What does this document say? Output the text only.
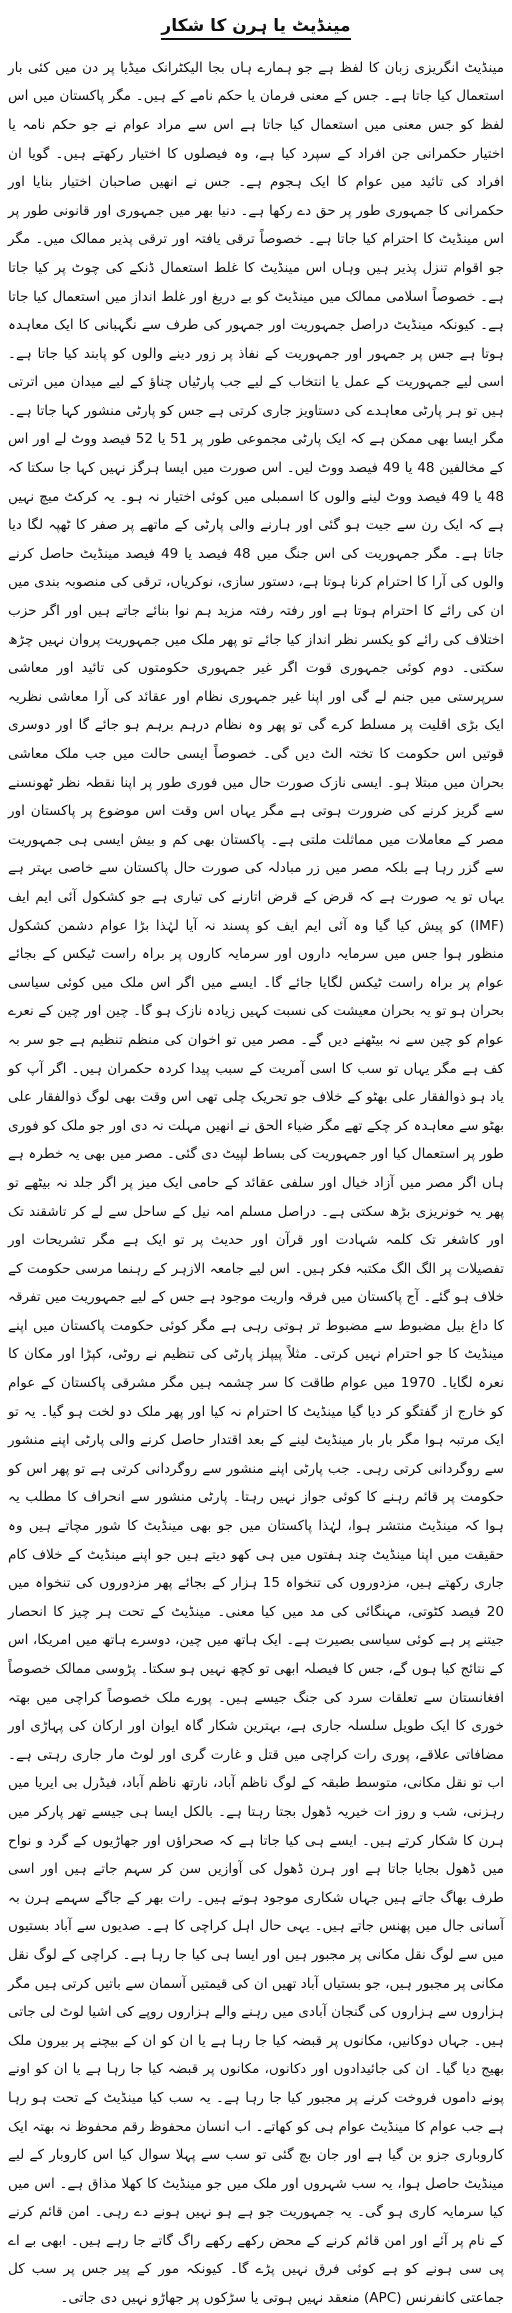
مینڈیٹ یا ہرن کا شکار

مینڈیٹ انگریزی زبان کا لفظ ہے جو ہمارے ہاں بجا الیکٹرانک میڈیا پر دن میں کئی بار استعمال کیا جاتا ہے۔ جس کے معنی فرمان یا حکم نامے کے ہیں۔ مگر پاکستان میں اس لفظ کو جس معنی میں استعمال کیا جاتا ہے اس سے مراد عوام نے جو حکم نامہ یا اختیار حکمرانی جن افراد کے سپرد کیا ہے، وہ فیصلوں کا اختیار رکھتے ہیں۔ گویا ان افراد کی تائید میں عوام کا ایک ہجوم ہے۔ جس نے انھیں صاحبان اختیار بنایا اور حکمرانی کا جمہوری طور پر حق دے رکھا ہے۔ دنیا بھر میں جمہوری اور قانونی طور پر اس مینڈیٹ کا احترام کیا جاتا ہے۔ خصوصاً ترقی یافتہ اور ترقی پذیر ممالک میں۔ مگر جو اقوام تنزل پذیر ہیں وہاں اس مینڈیٹ کا غلط استعمال ڈنکے کی چوٹ پر کیا جاتا ہے۔ خصوصاً اسلامی ممالک میں مینڈیٹ کو بے دریغ اور غلط انداز میں استعمال کیا جاتا ہے۔ کیونکہ مینڈیٹ دراصل جمہوریت اور جمہور کی طرف سے نگہبانی کا ایک معاہدہ ہوتا ہے جس پر جمہور اور جمہوریت کے نفاذ پر زور دینے والوں کو پابند کیا جاتا ہے۔ اسی لیے جمہوریت کے عمل یا انتخاب کے لیے جب پارٹیاں چناؤ کے لیے میدان میں اترتی ہیں تو ہر پارٹی معاہدے کی دستاویز جاری کرتی ہے جس کو پارٹی منشور کہا جاتا ہے۔ مگر ایسا بھی ممکن ہے کہ ایک پارٹی مجموعی طور پر 51 یا 52 فیصد ووٹ لے اور اس کے مخالفین 48 یا 49 فیصد ووٹ لیں۔ اس صورت میں ایسا ہرگز نہیں کہا جا سکتا کہ 48 یا 49 فیصد ووٹ لینے والوں کا اسمبلی میں کوئی اختیار نہ ہو۔ یہ کرکٹ میچ نہیں ہے کہ ایک رن سے جیت ہو گئی اور ہارنے والی پارٹی کے ماتھے پر صفر کا ٹھپہ لگا دیا جاتا ہے۔ مگر جمہوریت کی اس جنگ میں 48 فیصد یا 49 فیصد مینڈیٹ حاصل کرنے والوں کی آرا کا احترام کرنا ہوتا ہے، دستور سازی، نوکریاں، ترقی کی منصوبہ بندی میں ان کی رائے کا احترام ہوتا ہے اور رفتہ رفتہ مزید ہم نوا بنائے جاتے ہیں اور اگر حزب اختلاف کی رائے کو یکسر نظر انداز کیا جائے تو پھر ملک میں جمہوریت پروان نہیں چڑھ سکتی۔ دوم کوئی جمہوری قوت اگر غیر جمہوری حکومتوں کی تائید اور معاشی سرپرستی میں جنم لے گی اور اپنا غیر جمہوری نظام اور عقائد کی آرا معاشی نظریہ ایک بڑی اقلیت پر مسلط کرے گی تو پھر وہ نظام درہم برہم ہو جائے گا اور دوسری قوتیں اس حکومت کا تختہ الٹ دیں گی۔ خصوصاً ایسی حالت میں جب ملک معاشی بحران میں مبتلا ہو۔ ایسی نازک صورت حال میں فوری طور پر اپنا نقطہ نظر ٹھونسنے سے گریز کرنے کی ضرورت ہوتی ہے مگر یہاں اس وقت اس موضوع پر پاکستان اور مصر کے معاملات میں مماثلت ملتی ہے۔ پاکستان بھی کم و بیش ایسی ہی جمہوریت سے گزر رہا ہے بلکہ مصر میں زر مبادلہ کی صورت حال پاکستان سے خاصی بہتر ہے یہاں تو یہ صورت ہے کہ قرض کے قرض اتارنے کی تیاری ہے جو کشکول آئی ایم ایف (IMF) کو پیش کیا گیا وہ آئی ایم ایف کو پسند نہ آیا لہٰذا بڑا عوام دشمن کشکول منظور ہوا جس میں سرمایہ داروں اور سرمایہ کاروں پر براہ راست ٹیکس کے بجائے عوام پر براہ راست ٹیکس لگایا جائے گا۔ ایسے میں اگر اس ملک میں کوئی سیاسی بحران ہو تو یہ بحران معیشت کی نسبت کہیں زیادہ نازک ہو گا۔ چین اور چین کے نعرے عوام کو چین سے نہ بیٹھنے دیں گے۔ مصر میں تو اخوان کی منظم تنظیم ہے جو سر بہ کف ہے مگر یہاں تو سب کا اسی آمریت کے سبب پیدا کردہ حکمران ہیں۔ اگر آپ کو یاد ہو ذوالفقار علی بھٹو کے خلاف جو تحریک چلی تھی اس وقت بھی لوگ ذوالفقار علی بھٹو سے معاہدہ کر چکے تھے مگر ضیاء الحق نے انھیں مہلت نہ دی اور جو ملک کو فوری طور پر استعمال کیا اور جمہوریت کی بساط لپیٹ دی گئی۔ مصر میں بھی یہ خطرہ ہے ہاں اگر مصر میں آزاد خیال اور سلفی عقائد کے حامی ایک میز پر اگر جلد نہ بیٹھے تو پھر یہ خونریزی بڑھ سکتی ہے۔ دراصل مسلم امہ نیل کے ساحل سے لے کر تاشقند تک اور کاشغر تک کلمہ شہادت اور قرآن اور حدیث پر تو ایک ہے مگر تشریحات اور تفصیلات پر الگ الگ مکتبہ فکر ہیں۔ اس لیے جامعہ الازہر کے رہنما مرسی حکومت کے خلاف ہو گئے۔ آج پاکستان میں فرقہ واریت موجود ہے جس کے لیے جمہوریت میں تفرقہ کا داغ بیل مضبوط سے مضبوط تر ہوتی رہی ہے مگر کوئی حکومت پاکستان میں اپنے مینڈیٹ کا جو احترام نہیں کرتی۔ مثلاً پیپلز پارٹی کی تنظیم نے روٹی، کپڑا اور مکان کا نعرہ لگایا۔ 1970 میں عوام طاقت کا سر چشمہ ہیں مگر مشرقی پاکستان کے عوام کو خارج از گفتگو کر دیا گیا مینڈیٹ کا احترام نہ کیا اور پھر ملک دو لخت ہو گیا۔ یہ تو ایک مرتبہ ہوا مگر بار بار مینڈیٹ لینے کے بعد اقتدار حاصل کرنے والی پارٹی اپنے منشور سے روگردانی کرتی رہی۔ جب پارٹی اپنے منشور سے روگردانی کرتی ہے تو پھر اس کو حکومت پر قائم رہنے کا کوئی جواز نہیں رہتا۔ پارٹی منشور سے انحراف کا مطلب یہ ہوا کہ مینڈیٹ منتشر ہوا، لہٰذا پاکستان میں جو بھی مینڈیٹ کا شور مچاتے ہیں وہ حقیقت میں اپنا مینڈیٹ چند ہفتوں میں ہی کھو دیتے ہیں جو اپنے مینڈیٹ کے خلاف کام جاری رکھتے ہیں، مزدوروں کی تنخواہ 15 ہزار کے بجائے پھر مزدوروں کی تنخواہ میں 20 فیصد کٹوتی، مہنگائی کی مد میں کیا معنی۔ مینڈیٹ کے تحت ہر چیز کا انحصار جیتنے پر ہے کوئی سیاسی بصیرت ہے۔ ایک ہاتھ میں چین، دوسرے ہاتھ میں امریکا، اس کے نتائج کیا ہوں گے، جس کا فیصلہ ابھی تو کچھ نہیں ہو سکتا۔ پڑوسی ممالک خصوصاً افغانستان سے تعلقات سرد کی جنگ جیسے ہیں۔ پورے ملک خصوصاً کراچی میں بھتہ خوری کا ایک طویل سلسلہ جاری ہے، بہترین شکار گاہ ایوان اور ارکان کی پہاڑی اور مضافاتی علاقے، پوری رات کراچی میں قتل و غارت گری اور لوٹ مار جاری رہتی ہے۔ اب تو نقل مکانی، متوسط طبقہ کے لوگ ناظم آباد، نارتھ ناظم آباد، فیڈرل بی ایریا میں رہزنی، شب و روز ات خیریہ ڈھول بجتا رہتا ہے۔ بالکل ایسا ہی جیسے تھر پارکر میں ہرن کا شکار کرتے ہیں۔ ایسے ہی کیا جاتا ہے کہ صحراؤں اور جھاڑیوں کے گرد و نواح میں ڈھول بجایا جاتا ہے اور ہرن ڈھول کی آوازیں سن کر سہم جاتے ہیں اور اسی طرف بھاگ جاتے ہیں جہاں شکاری موجود ہوتے ہیں۔ رات بھر کے جاگے سہمے ہرن بہ آسانی جال میں پھنس جاتے ہیں۔ یہی حال اہل کراچی کا ہے۔ صدیوں سے آباد بستیوں میں سے لوگ نقل مکانی پر مجبور ہیں اور ایسا ہی کیا جا رہا ہے۔ کراچی کے لوگ نقل مکانی پر مجبور ہیں، جو بستیاں آباد تھیں ان کی قیمتیں آسمان سے باتیں کرتی ہیں مگر ہزاروں سے ہزاروں کی گنجان آبادی میں رہنے والے ہزاروں روپے کی اشیا لوٹ لی جاتی ہیں۔ جہاں دوکانیں، مکانوں پر قبضہ کیا جا رہا ہے یا ان کو ان کے بیچنے پر بیرون ملک بھیج دیا گیا۔ ان کی جائیدادوں اور دکانوں، مکانوں پر قبضہ کیا جا رہا ہے یا ان کو اونے پونے داموں فروخت کرنے پر مجبور کیا جا رہا ہے۔ یہ سب کیا مینڈیٹ کے تحت ہو رہا ہے جب عوام کا مینڈیٹ عوام ہی کو کھاتے۔ اب انسان محفوظ رقم محفوظ نہ بھتہ ایک کاروباری جزو بن گیا ہے اور جان بچ گئی تو سب سے پہلا سوال کیا اس کاروبار کے لیے مینڈیٹ حاصل ہوا، یہ سب شہروں اور ملک میں جو مینڈیٹ کا کھلا مذاق ہے۔ اس میں کیا سرمایہ کاری ہو گی۔ یہ جمہوریت جو ہے ہو نہیں ہونے دے رہی۔ امن قائم کرنے کے نام پر آئے اور امن قائم کرنے کے محض رکھے رکھے راگ گاتے جا رہے ہیں۔ ابھی بے اے پی سی ہونے کو ہے کوئی فرق نہیں پڑے گا۔ کیونکہ مور کے پیر جس پر سب کل جماعتی کانفرنس (APC) منعقد نہیں ہوتی یا سڑکوں پر جھاڑو نہیں دی جاتی۔
